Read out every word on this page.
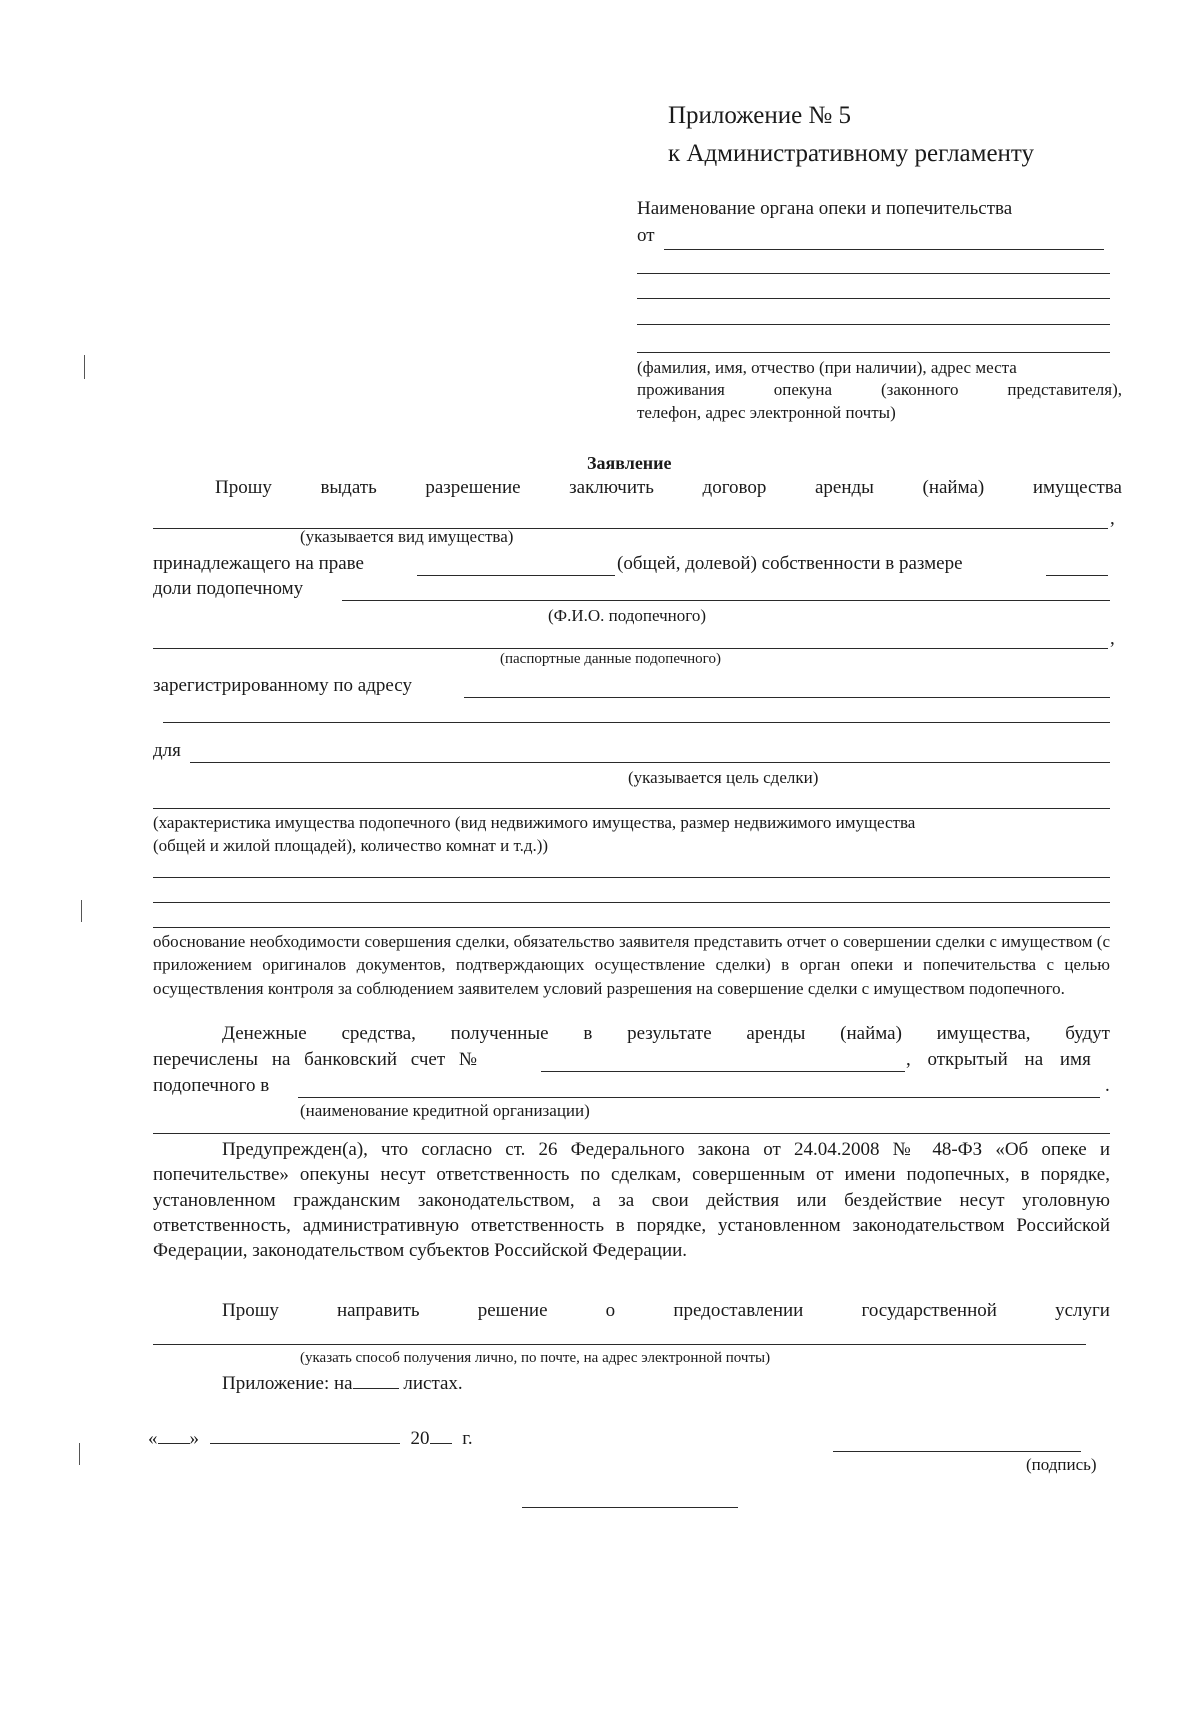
Приложение № 5
к Административному регламенту
Наименование органа опеки и попечительства
от
(фамилия, имя, отчество (при наличии), адрес места
проживания	опекуна	(законного	представителя),
телефон, адрес электронной почты)
Заявление
Прошу	выдать	разрешение	заключить	договор	аренды	(найма)	имущества
,
(указывается вид имущества)
принадлежащего на праве	(общей, долевой) собственности в размере
доли подопечному
(Ф.И.О. подопечного)
,
(паспортные данные подопечного)
зарегистрированному по адресу
для
(указывается цель сделки)
(характеристика имущества подопечного (вид недвижимого имущества, размер недвижимого имущества
(общей и жилой площадей), количество комнат и т.д.))
обоснование необходимости совершения сделки, обязательство заявителя представить отчет о совершении сделки с имуществом (с приложением оригиналов документов, подтверждающих осуществление сделки) в орган опеки и попечительства с целью осуществления контроля за соблюдением заявителем условий разрешения на совершение сделки с имуществом подопечного.
Денежные средства, полученные в результате аренды (найма) имущества, будут
перечислены на банковский счет №	, открытый на имя
подопечного в	.
(наименование кредитной организации)
Предупрежден(а), что согласно ст. 26 Федерального закона от 24.04.2008 № 48-ФЗ «Об опеке и попечительстве» опекуны несут ответственность по сделкам, совершенным от имени подопечных, в порядке, установленном гражданским законодательством, а за свои действия или бездействие несут уголовную ответственность, административную ответственность в порядке, установленном законодательством Российской Федерации, законодательством субъектов Российской Федерации.
Прошу	направить	решение	о	предоставлении	государственной	услуги
(указать способ получения лично, по почте, на адрес электронной почты)
Приложение: на	листах.
« »	20 г.
(подпись)
